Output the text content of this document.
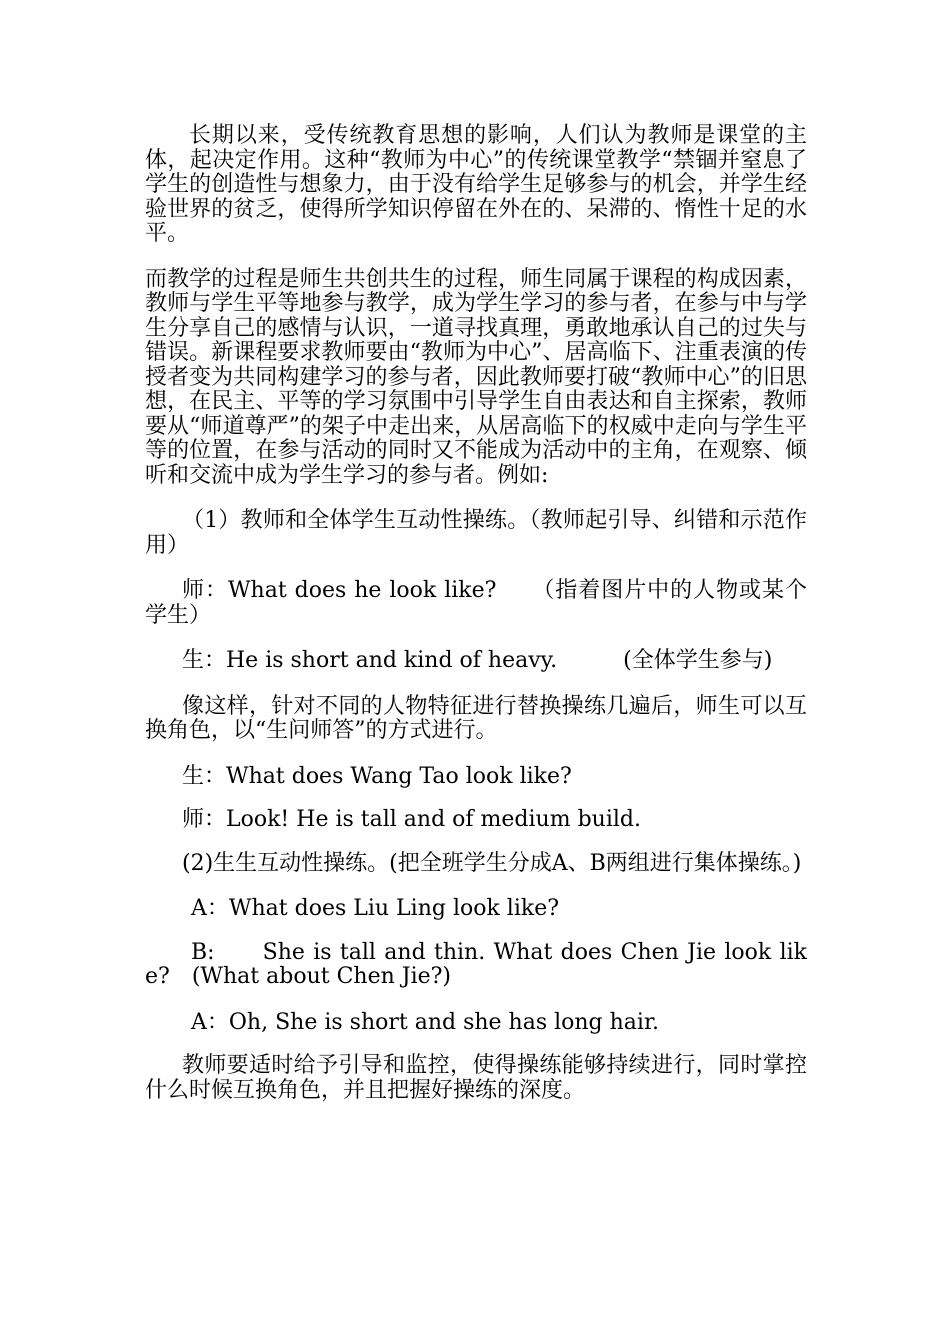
长期以来，受传统教育思想的影响，人们认为教师是课堂的主体，起决定作用。这种“教师为中心”的传统课堂教学“禁锢并窒息了学生的创造性与想象力，由于没有给学生足够参与的机会，并学生经验世界的贫乏，使得所学知识停留在外在的、呆滞的、惰性十足的水平。

而教学的过程是师生共创共生的过程，师生同属于课程的构成因素，教师与学生平等地参与教学，成为学生学习的参与者，在参与中与学生分享自己的感情与认识，一道寻找真理，勇敢地承认自己的过失与错误。新课程要求教师要由“教师为中心”、居高临下、注重表演的传授者变为共同构建学习的参与者，因此教师要打破“教师中心”的旧思想，在民主、平等的学习氛围中引导学生自由表达和自主探索，教师要从“师道尊严”的架子中走出来，从居高临下的权威中走向与学生平等的位置，在参与活动的同时又不能成为活动中的主角，在观察、倾听和交流中成为学生学习的参与者。例如:

（1）教师和全体学生互动性操练。（教师起引导、纠错和示范作用）

师：What does he look like?　　（指着图片中的人物或某个学生）

生：He is short and kind of heavy.　　　(全体学生参与)

像这样，针对不同的人物特征进行替换操练几遍后，师生可以互换角色，以“生问师答”的方式进行。

生：What does Wang Tao look like?

师：Look! He is tall and of medium build.

(2)生生互动性操练。(把全班学生分成A、B两组进行集体操练。)

A：What does Liu Ling look like?

B:　　She is tall and thin. What does Chen Jie look like?　(What about Chen Jie?)

A：Oh, She is short and she has long hair.

教师要适时给予引导和监控，使得操练能够持续进行，同时掌控什么时候互换角色，并且把握好操练的深度。
